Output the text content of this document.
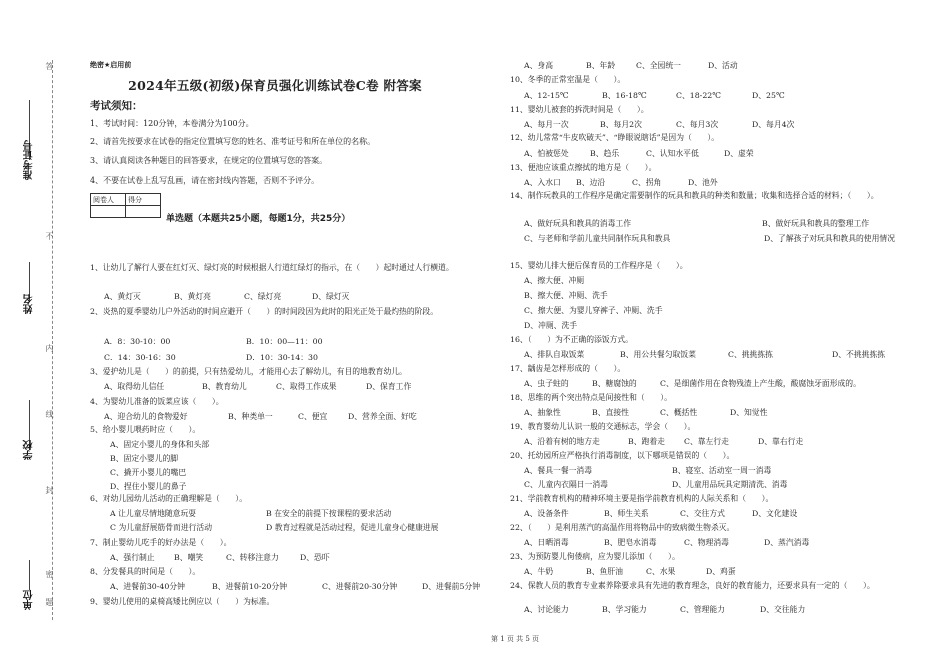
准考证号
姓名
学校
单位
答
不
内
线
封
密
题
绝密★启用前
2024年五级(初级)保育员强化训练试卷C卷 附答案
考试须知：
1、考试时间：120分钟，本卷满分为100分。
2、请首先按要求在试卷的指定位置填写您的姓名、准考证号和所在单位的名称。
3、请认真阅读各种题目的回答要求，在规定的位置填写您的答案。
4、不要在试卷上乱写乱画，请在密封线内答题，否则不予评分。
阅卷人	得分

单选题（本题共25小题，每题1分，共25分）
1、让幼儿了解行人要在红灯灭、绿灯亮的时候根据人行道红绿灯的指示，在（　　）起时通过人行横道。
A、黄灯灭	B、黄灯亮	C、绿灯亮	D、绿灯灭
2、炎热的夏季婴幼儿户外活动的时间应避开（　　）的时间段因为此时的阳光正处于最灼热的阶段。
A．8：30-10：00	B．10：00—11：00
C．14：30-16：30	D．10：30-14：30
3、爱护幼儿是（　　）的前提，只有热爱幼儿，才能用心去了解幼儿，有目的地教育幼儿。
A、取得幼儿信任	B、教育幼儿	C、取得工作成果	D、保育工作
4、为婴幼儿准备的饭菜应该（　　）。
A、迎合幼儿的食物爱好	B、种类单一	C、便宜	D、营养全面、好吃
5、给小婴儿喂药时应（　　）。
A、固定小婴儿的身体和头部
B、固定小婴儿的脚
C、撬开小婴儿的嘴巴
D、捏住小婴儿的鼻子
6、对幼儿园幼儿活动的正确理解是（　　）。
A 让儿童尽情地随意玩耍	B 在安全的前提下按课程的要求活动
C 为儿童舒展筋骨而进行活动	D 教育过程就是活动过程，促进儿童身心健康进展
7、制止婴幼儿吃手的好办法是（　　）。
A、强行制止 B、嘲笑	C、转移注意力	D、恐吓
8、分发餐具的时间是（　　）。
A、进餐前30-40分钟	B、进餐前10-20分钟	C、进餐前20-30分钟	D、进餐前5分钟
9、婴幼儿使用的桌椅高矮比例应以（　　）为标准。
A、身高	B、年龄	C、全园统一	D、活动
10、冬季的正常室温是（　　）。
A、12-15℃	B、16-18℃	C、18-22℃	D、25℃
11、婴幼儿被套的拆洗时间是（　　）。
A、每月一次	B、每月2次	C、每月3次	D、每月4次
12、幼儿常常“牛皮吹破天”、“睁眼说瞎话”是因为（　　）。
A、怕被惩处	B、趋乐	C、认知水平低	D、虚荣
13、便池应该重点擦拭的地方是（　　）。
A、入水口 B、边沿	C、拐角	D、池外
14、制作玩教具的工作程序是确定需要制作的玩具和教具的种类和数量；收集和选择合适的材料；（　　）。
A、做好玩具和教具的消毒工作	B、做好玩具和教具的整理工作
C、与老师和学前儿童共同制作玩具和教具	D、了解孩子对玩具和教具的使用情况
15、婴幼儿排大便后保育员的工作程序是（　　）。
A、擦大便、冲厕
B、擦大便、冲厕、洗手
C、擦大便、为婴儿穿裤子、冲厕、洗手
D、冲厕、洗手
16、（　　）为不正确的添饭方式。
A、排队自取饭菜	B、用公共餐匀取饭菜	C、挑挑拣拣	D、不挑挑拣拣
17、龋齿是怎样形成的（　　）。
A、虫子蛀的	B、糖腐蚀的	C、是细菌作用在食物残渣上产生酸，酸腐蚀牙面形成的。
18、思维的两个突出特点是间接性和（　　）。
A、抽象性	B、直接性	C、概括性	D、知觉性
19、教育婴幼儿认识一般的交通标志，学会（　　）。
A、沿着有树的地方走	B、跑着走 C、靠左行走	D、靠右行走
20、托幼园所应严格执行消毒制度，以下哪项是错误的（　　）。
A、餐具一餐一消毒	B、寝室、活动室一周一消毒
C、儿童内衣隔日一消毒	D、儿童用品玩具定期清洗、消毒
21、学前教育机构的精神环境主要是指学前教育机构的人际关系和（　　）。
A、设备条件	B、师生关系	C、交往方式	D、文化建设
22、（　　）是利用蒸汽的高温作用将物品中的致病微生物杀灭。
A、日晒消毒	B、肥皂水消毒	C、物理消毒	D、蒸汽消毒
23、为预防婴儿佝偻病，应为婴儿添加（　　）。
A、牛奶	B、鱼肝油	C、水果	D、鸡蛋
24、保教人员的教育专业素养除要求具有先进的教育理念，良好的教育能力，还要求具有一定的（　　）。
A、讨论能力	B、学习能力	C、管理能力	D、交往能力
第 1 页 共 5 页
